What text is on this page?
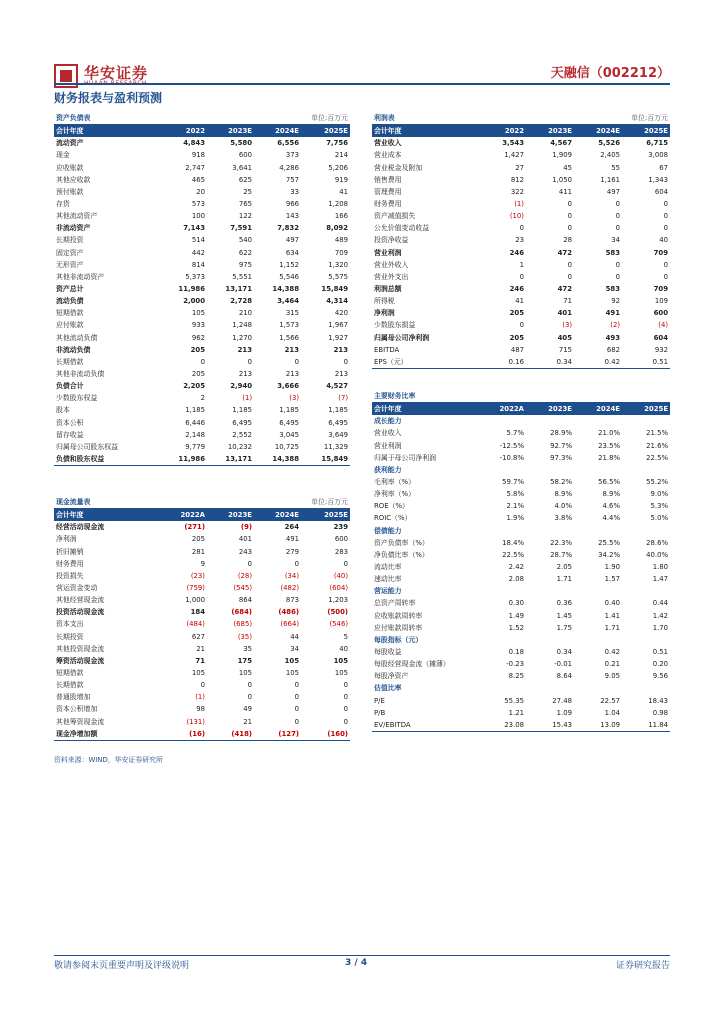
华安证券	天融信（002212）
财务报表与盈利预测
资产负债表			单位:百万元	
会计年度	2022	2023E	2024E	2025E
流动资产	4,843	5,580	6,556	7,756
现金	918	600	373	214
应收账款	2,747	3,641	4,286	5,206
其他应收款	465	625	757	919
预付账款	20	25	33	41
存货	573	765	966	1,208
其他流动资产	100	122	143	166
非流动资产	7,143	7,591	7,832	8,092
长期投资	514	540	497	489
固定资产	442	622	634	709
无形资产	814	975	1,152	1,320
其他非流动资产	5,373	5,551	5,546	5,575
资产总计	11,986	13,171	14,388	15,849
流动负债	2,000	2,728	3,464	4,314
短期借款	105	210	315	420
应付账款	933	1,248	1,573	1,967
其他流动负债	962	1,270	1,566	1,927
非流动负债	205	213	213	213
长期借款	0	0	0	0
其他非流动负债	205	213	213	213
负债合计	2,205	2,940	3,666	4,527
少数股东权益	2	(1)	(3)	(7)
股本	1,185	1,185	1,185	1,185
资本公积	6,446	6,495	6,495	6,495
留存收益	2,148	2,552	3,045	3,649
归属母公司股东权益	9,779	10,232	10,725	11,329
负债和股东权益	11,986	13,171	14,388	15,849
利润表			单位:百万元	
会计年度	2022	2023E	2024E	2025E
营业收入	3,543	4,567	5,526	6,715
营业成本	1,427	1,909	2,405	3,008
营业税金及附加	27	45	55	67
销售费用	812	1,050	1,161	1,343
管理费用	322	411	497	604
财务费用	(1)	0	0	0
资产减值损失	(10)	0	0	0
公允价值变动收益	0	0	0	0
投资净收益	23	28	34	40
营业利润	246	472	583	709
营业外收入	1	0	0	0
营业外支出	0	0	0	0
利润总额	246	472	583	709
所得税	41	71	92	109
净利润	205	401	491	600
少数股东损益	0	(3)	(2)	(4)
归属母公司净利润	205	405	493	604
EBITDA	487	715	682	932
EPS（元）	0.16	0.34	0.42	0.51
现金流量表			单位:百万元	
会计年度	2022A	2023E	2024E	2025E
经营活动现金流	(271)	(9)	264	239
净利润	205	401	491	600
折旧摊销	281	243	279	283
财务费用	9	0	0	0
投资损失	(23)	(28)	(34)	(40)
营运资金变动	(759)	(545)	(482)	(604)
其他经营现金流	1,000	864	873	1,203
投资活动现金流	184	(684)	(486)	(500)
资本支出	(484)	(685)	(664)	(546)
长期投资	627	(35)	44	5
其他投资现金流	21	35	34	40
筹资活动现金流	71	175	105	105
短期借款	105	105	105	105
长期借款	0	0	0	0
普通股增加	(1)	0	0	0
资本公积增加	98	49	0	0
其他筹资现金流	(131)	21	0	0
现金净增加额	(16)	(418)	(127)	(160)
主要财务比率				
会计年度	2022A	2023E	2024E	2025E
成长能力				
营业收入	5.7%	28.9%	21.0%	21.5%
营业利润	-12.5%	92.7%	23.5%	21.6%
归属于母公司净利润	-10.8%	97.3%	21.8%	22.5%
获利能力				
毛利率（%）	59.7%	58.2%	56.5%	55.2%
净利率（%）	5.8%	8.9%	8.9%	9.0%
ROE（%）	2.1%	4.0%	4.6%	5.3%
ROIC（%）	1.9%	3.8%	4.4%	5.0%
偿债能力				
资产负债率（%）	18.4%	22.3%	25.5%	28.6%
净负债比率（%）	22.5%	28.7%	34.2%	40.0%
流动比率	2.42	2.05	1.90	1.80
速动比率	2.08	1.71	1.57	1.47
营运能力				
总资产周转率	0.30	0.36	0.40	0.44
应收账款周转率	1.49	1.45	1.41	1.42
应付账款周转率	1.52	1.75	1.71	1.70
每股指标（元）				
每股收益	0.18	0.34	0.42	0.51
每股经营现金流（摊薄）	-0.23	-0.01	0.21	0.20
每股净资产	8.25	8.64	9.05	9.56
估值比率				
P/E	55.35	27.48	22.57	18.43
P/B	1.21	1.09	1.04	0.98
EV/EBITDA	23.08	15.43	13.09	11.84
资料来源：WIND，华安证券研究所
敬请参阅末页重要声明及评级说明	3 / 4	证券研究报告
